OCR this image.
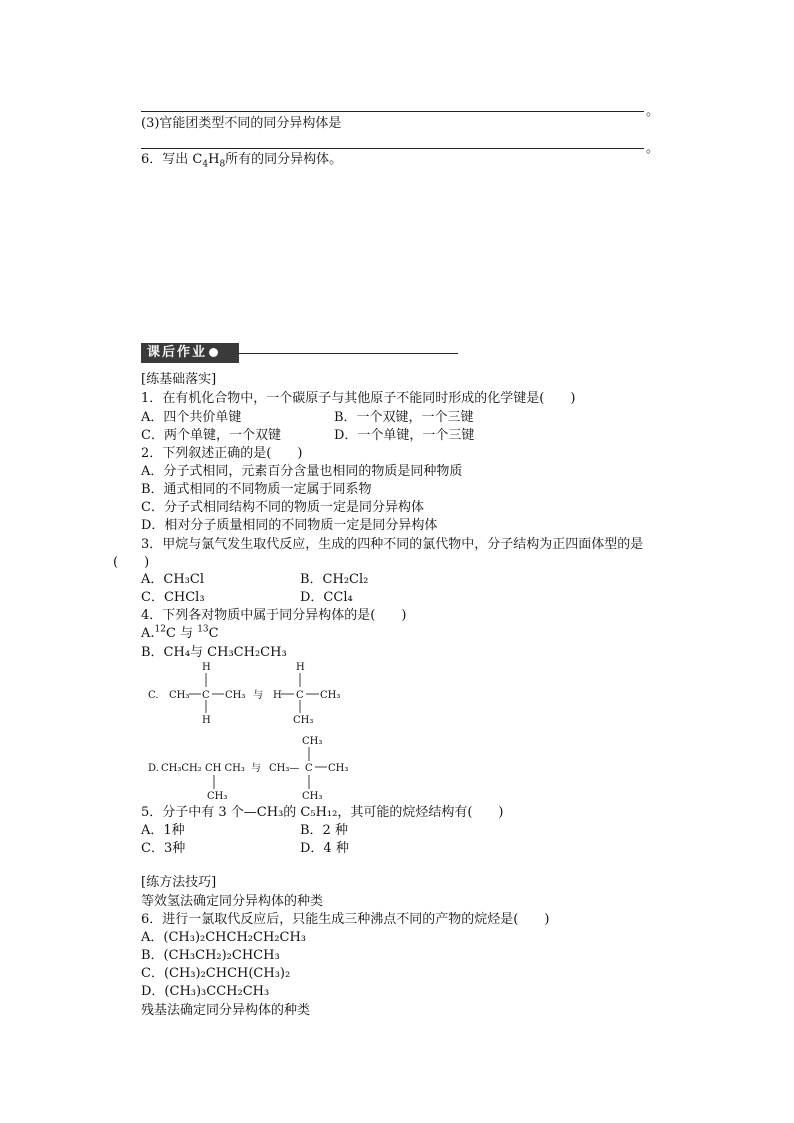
。
(3)官能团类型不同的同分异构体是
。
6．写出 $C_4H_8$所有的同分异构体。
课后作业
[练基础落实]
1．在有机化合物中，一个碳原子与其他原子不能同时形成的化学键是(　　)
A．四个共价单键	B．一个双键，一个三键
C．两个单键，一个双键	D．一个单键，一个三键
2．下列叙述正确的是(　　)
A．分子式相同，元素百分含量也相同的物质是同种物质
B．通式相同的不同物质一定属于同系物
C．分子式相同结构不同的物质一定是同分异构体
D．相对分子质量相同的不同物质一定是同分异构体
3．甲烷与氯气发生取代反应，生成的四种不同的氯代物中，分子结构为正四面体型的是
(　　)
A．CH₃Cl	B．CH₂Cl₂
C．CHCl₃	D．CCl₄
4．下列各对物质中属于同分异构体的是(　　)
A.$^{12}$C 与 $^{13}$C
B．CH₄与 CH₃CH₂CH₃
C. CH₃
H
C
H
CH₃ 与 H
H
C
CH₃
CH₃
D. CH₃CH₂ CH CH₃
CH₃
与 CH₃—
CH₃
C CH₃
CH₃
5．分子中有 3 个—CH₃的 C₅H₁₂，其可能的烷烃结构有(　　)
A．1种	B．2 种
C．3种	D．4 种
[练方法技巧]
等效氢法确定同分异构体的种类
6．进行一氯取代反应后，只能生成三种沸点不同的产物的烷烃是(　　)
A．(CH₃)₂CHCH₂CH₂CH₃
B．(CH₃CH₂)₂CHCH₃
C．(CH₃)₂CHCH(CH₃)₂
D．(CH₃)₃CCH₂CH₃
残基法确定同分异构体的种类
